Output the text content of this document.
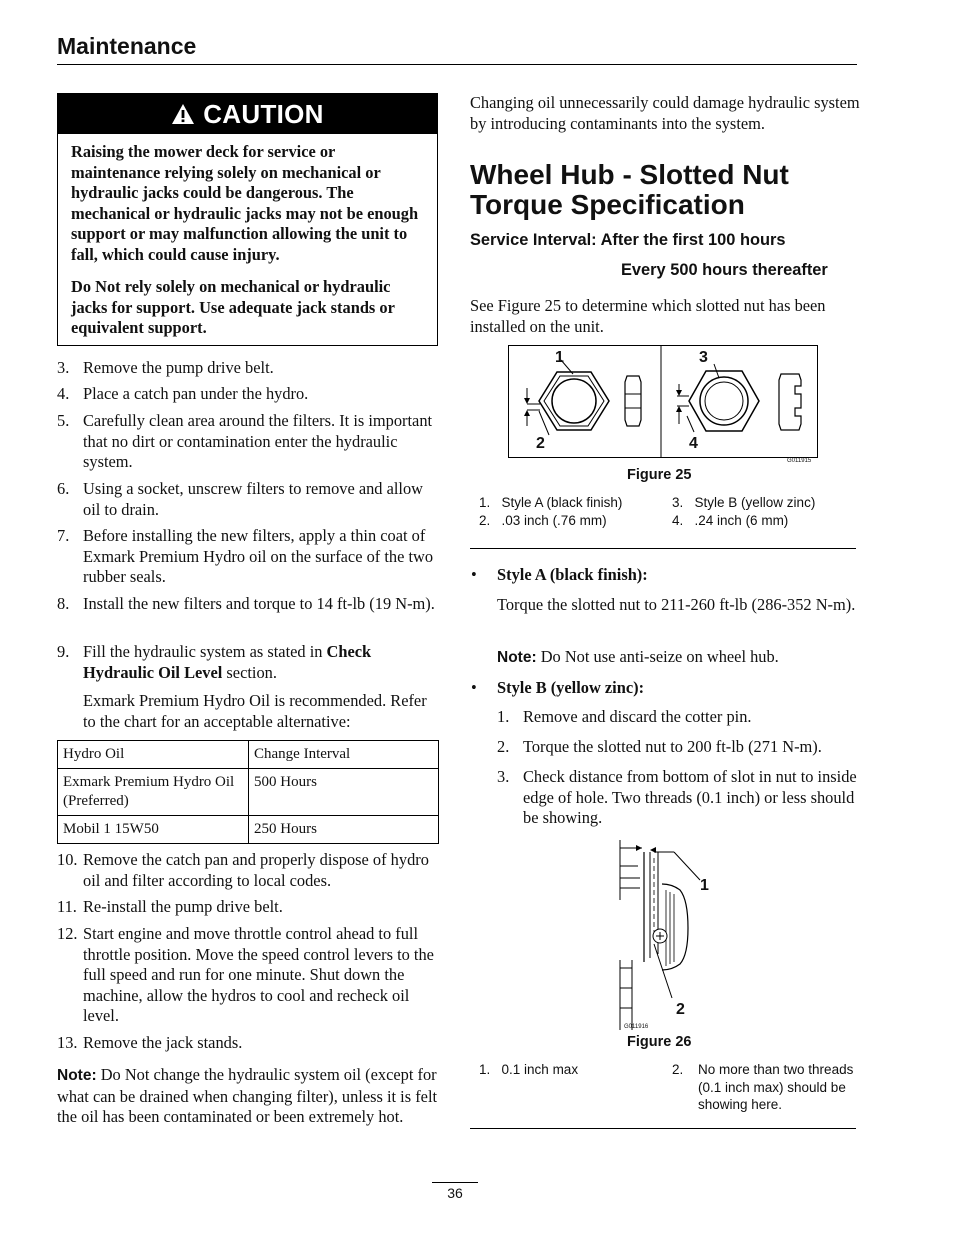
Maintenance
CAUTION

Raising the mower deck for service or maintenance relying solely on mechanical or hydraulic jacks could be dangerous. The mechanical or hydraulic jacks may not be enough support or may malfunction allowing the unit to fall, which could cause injury.

Do Not rely solely on mechanical or hydraulic jacks for support. Use adequate jack stands or equivalent support.

3. Remove the pump drive belt.
4. Place a catch pan under the hydro.
5. Carefully clean area around the filters. It is important that no dirt or contamination enter the hydraulic system.
6. Using a socket, unscrew filters to remove and allow oil to drain.
7. Before installing the new filters, apply a thin coat of Exmark Premium Hydro oil on the surface of the two rubber seals.
8. Install the new filters and torque to 14 ft-lb (19 N-m).
9. Fill the hydraulic system as stated in Check Hydraulic Oil Level section.
Exmark Premium Hydro Oil is recommended. Refer to the chart for an acceptable alternative:
Hydro Oil	Change Interval
Exmark Premium Hydro Oil (Preferred)	500 Hours
Mobil 1 15W50	250 Hours
10. Remove the catch pan and properly dispose of hydro oil and filter according to local codes.
11. Re-install the pump drive belt.
12. Start engine and move throttle control ahead to full throttle position. Move the speed control levers to the full speed and run for one minute. Shut down the machine, allow the hydros to cool and recheck oil level.
13. Remove the jack stands.
Note: Do Not change the hydraulic system oil (except for what can be drained when changing filter), unless it is felt the oil has been contaminated or been extremely hot.
Changing oil unnecessarily could damage hydraulic system by introducing contaminants into the system.
Wheel Hub - Slotted Nut
Torque Specification
Service Interval: After the first 100 hours
Every 500 hours thereafter
See Figure 25 to determine which slotted nut has been installed on the unit.
1
2
3
4
G011915
Figure 25
1. Style A (black finish)
2. .03 inch (.76 mm)
3. Style B (yellow zinc)
4. .24 inch (6 mm)
• Style A (black finish):
Torque the slotted nut to 211-260 ft-lb (286-352 N-m).
Note: Do Not use anti-seize on wheel hub.
• Style B (yellow zinc):
1. Remove and discard the cotter pin.
2. Torque the slotted nut to 200 ft-lb (271 N-m).
3. Check distance from bottom of slot in nut to inside edge of hole. Two threads (0.1 inch) or less should be showing.
1
2
G011916
Figure 26
1. 0.1 inch max	2. No more than two threads (0.1 inch max) should be showing here.
36
